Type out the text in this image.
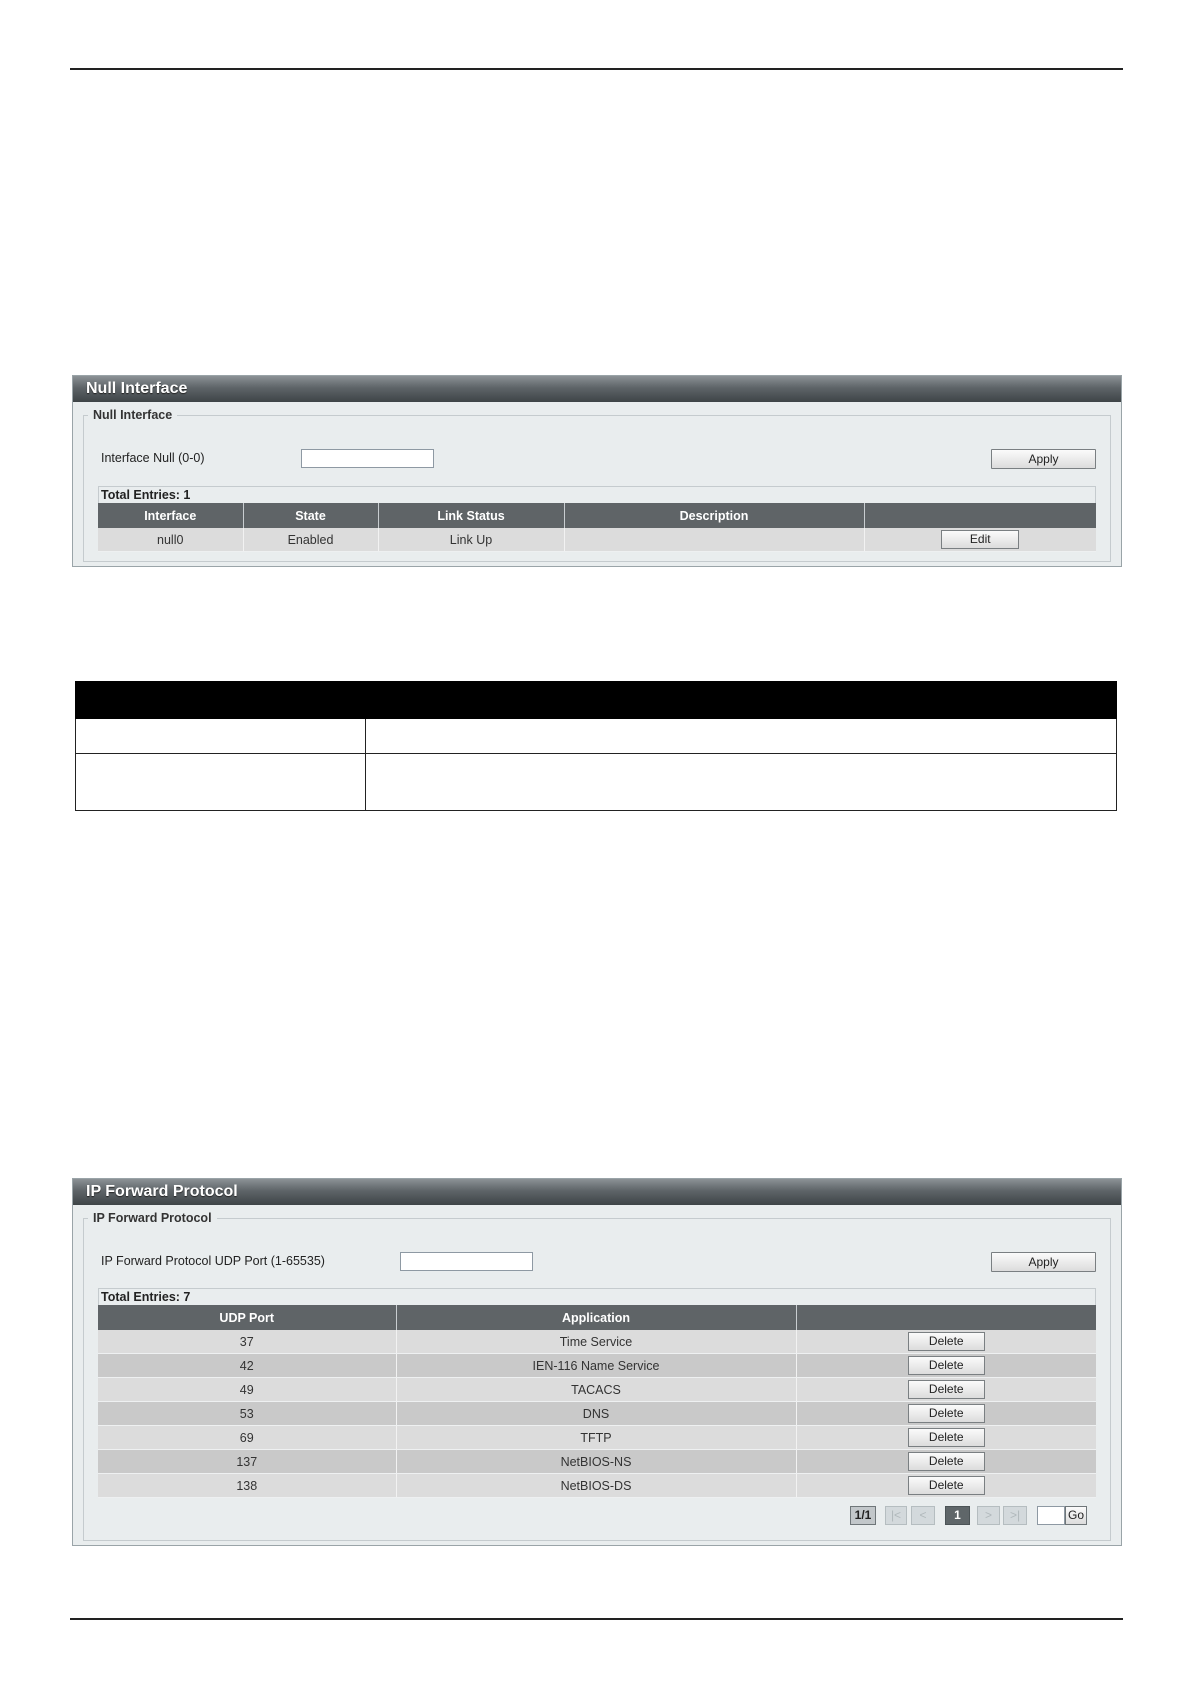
Null Interface
Null Interface
Interface Null (0-0)	Apply
Total Entries: 1
Interface	State	Link Status	Description	
null0	Enabled	Link Up		Edit

IP Forward Protocol
IP Forward Protocol
IP Forward Protocol UDP Port (1-65535)	Apply
Total Entries: 7
UDP Port	Application	
37	Time Service	Delete
42	IEN-116 Name Service	Delete
49	TACACS	Delete
53	DNS	Delete
69	TFTP	Delete
137	NetBIOS-NS	Delete
138	NetBIOS-DS	Delete
1/1	|<	<	1	>	>|	Go
